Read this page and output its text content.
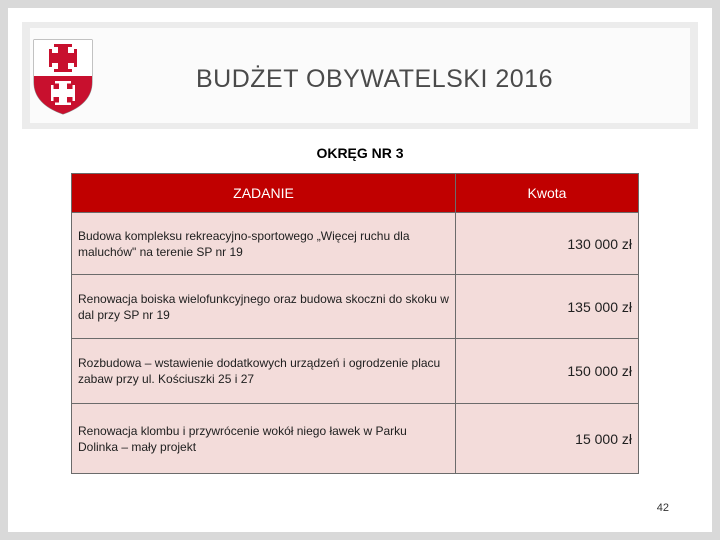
BUDŻET OBYWATELSKI 2016
OKRĘG NR 3
ZADANIE	Kwota
Budowa kompleksu rekreacyjno-sportowego „Więcej ruchu dla maluchów" na terenie SP nr 19	130 000 zł
Renowacja boiska wielofunkcyjnego oraz budowa skoczni do skoku w dal przy SP nr 19	135 000 zł
Rozbudowa – wstawienie dodatkowych urządzeń i ogrodzenie placu zabaw przy ul. Kościuszki 25 i 27	150 000 zł
Renowacja klombu i przywrócenie wokół niego ławek w Parku Dolinka – mały projekt	15 000 zł
42
